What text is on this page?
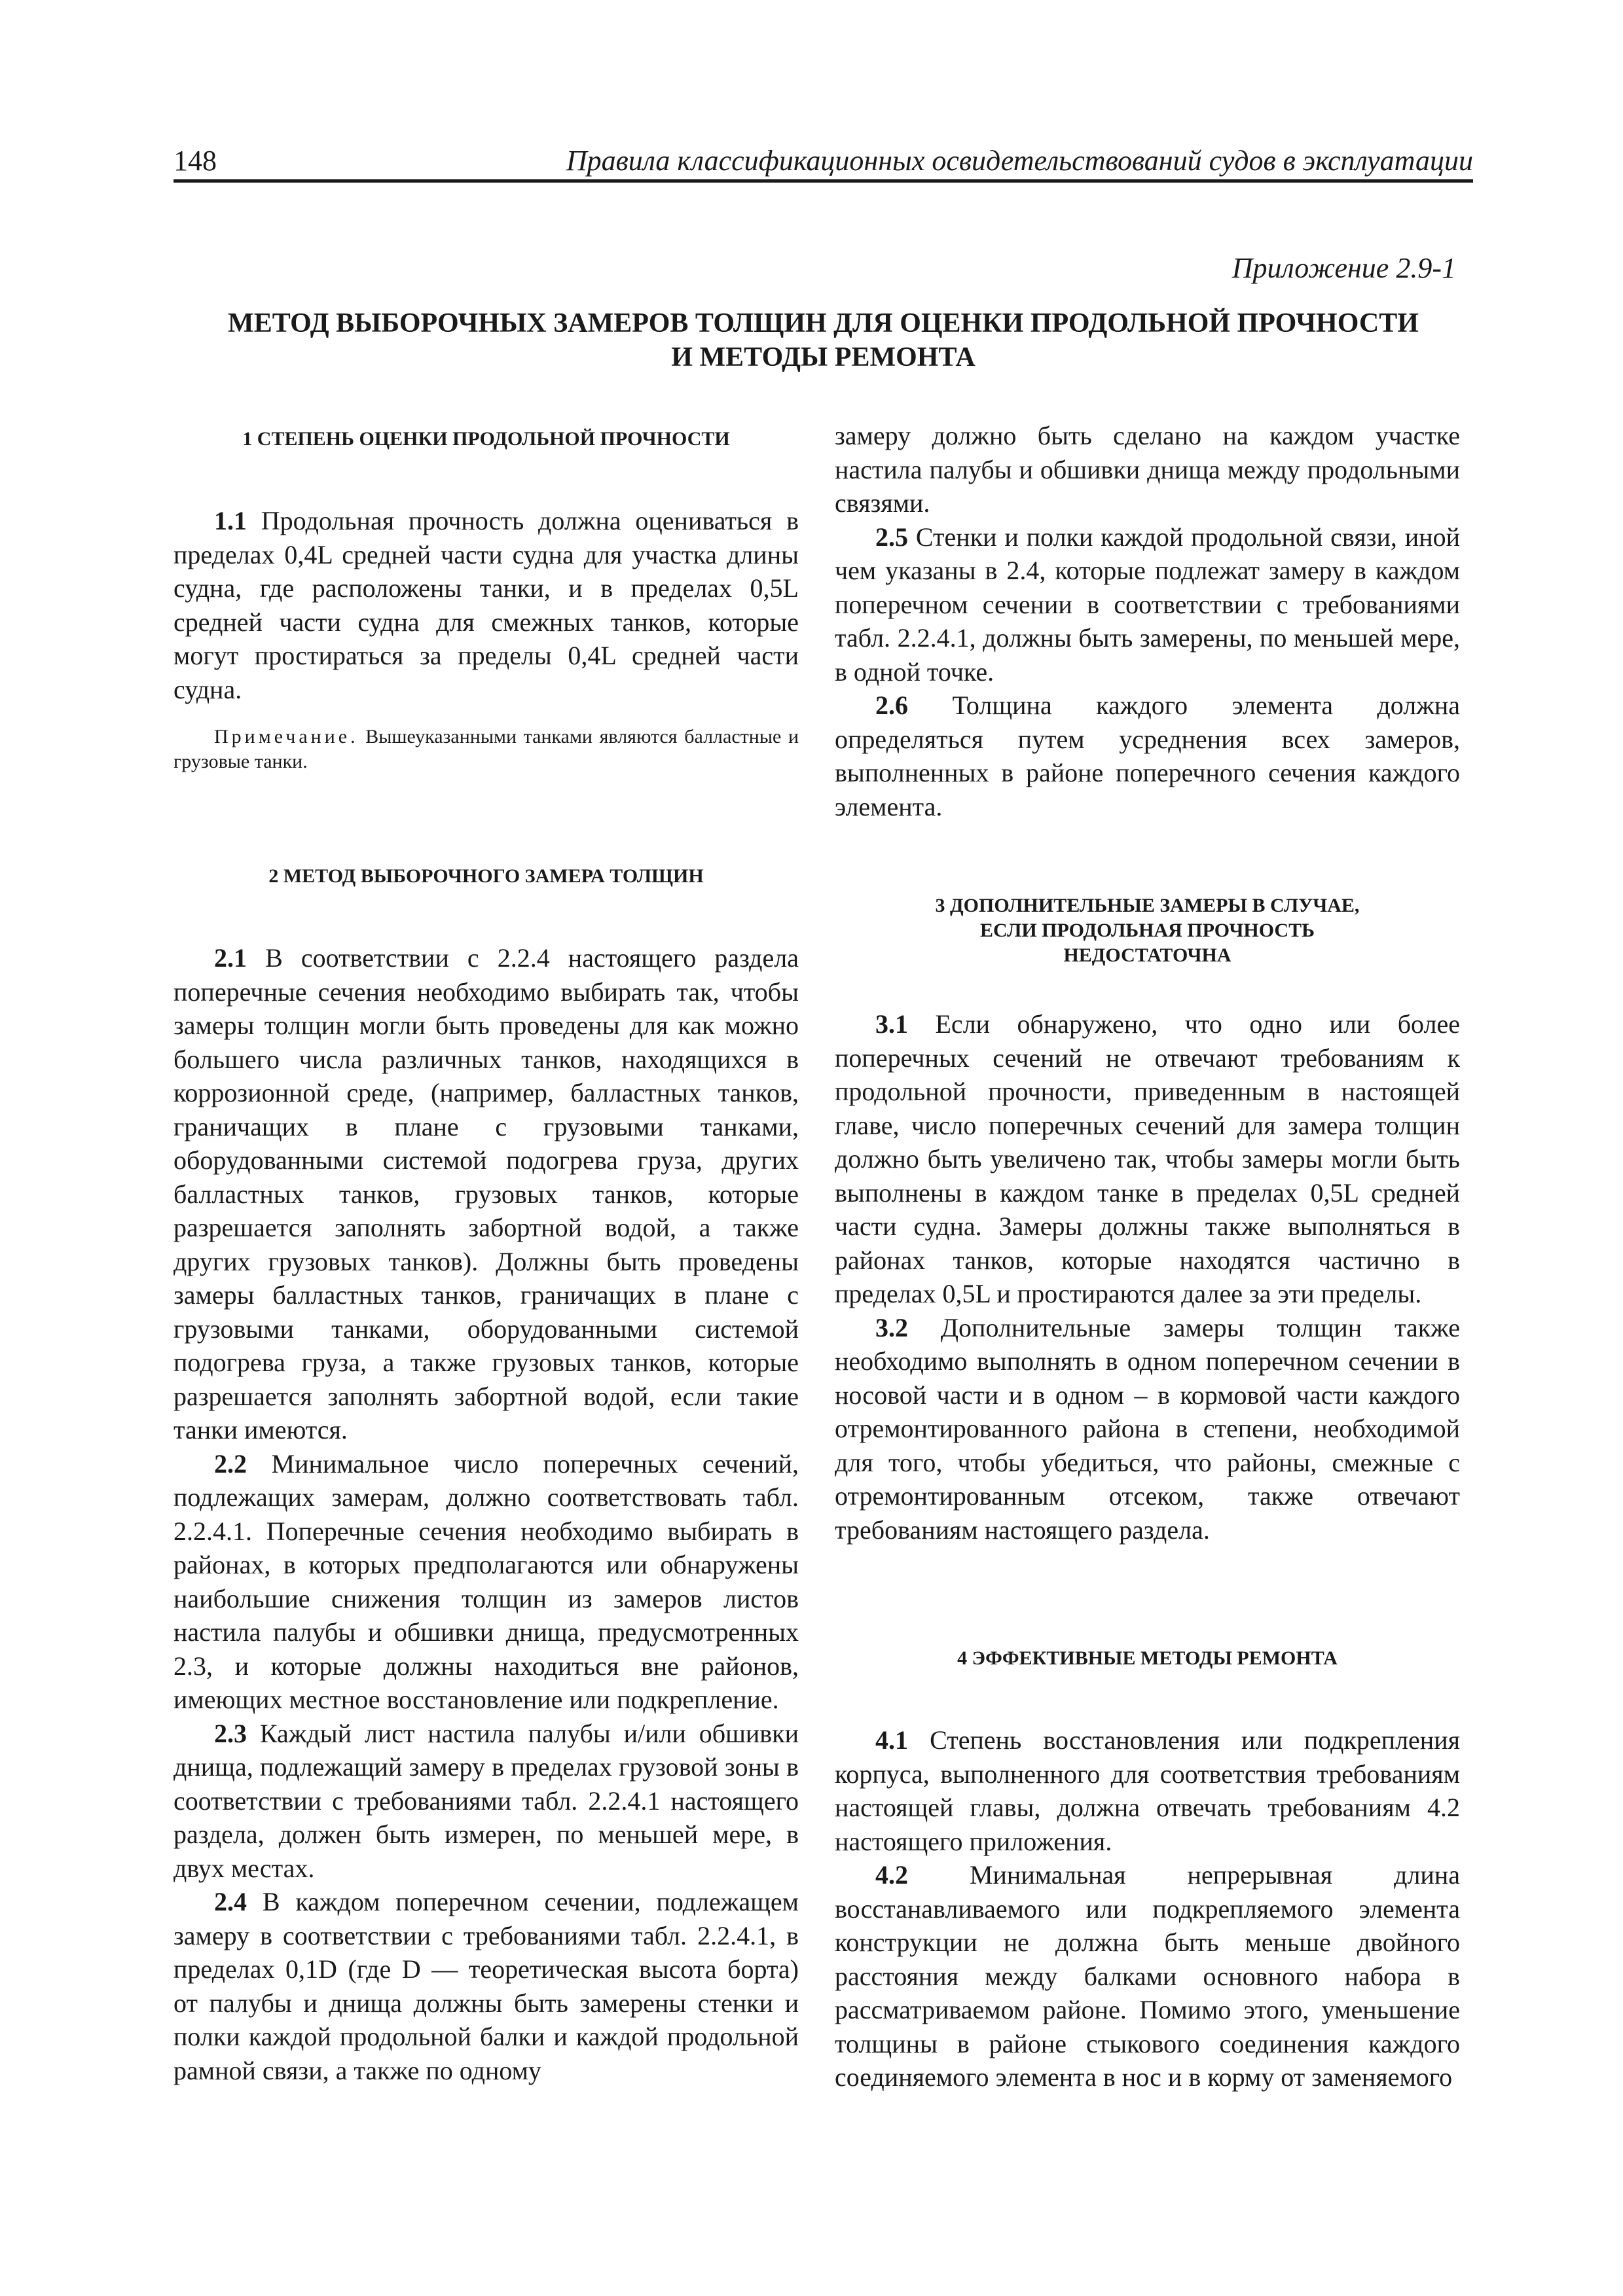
148	Правила классификационных освидетельствований судов в эксплуатации
Приложение 2.9-1
МЕТОД ВЫБОРОЧНЫХ ЗАМЕРОВ ТОЛЩИН ДЛЯ ОЦЕНКИ ПРОДОЛЬНОЙ ПРОЧНОСТИ
И МЕТОДЫ РЕМОНТА
1 СТЕПЕНЬ ОЦЕНКИ ПРОДОЛЬНОЙ ПРОЧНОСТИ

1.1 Продольная прочность должна оцениваться в пределах 0,4L средней части судна для участка длины судна, где расположены танки, и в пределах 0,5L средней части судна для смежных танков, которые могут простираться за пределы 0,4L средней части судна.

Примечание. Вышеуказанными танками являются балластные и грузовые танки.
2 МЕТОД ВЫБОРОЧНОГО ЗАМЕРА ТОЛЩИН

2.1 В соответствии с 2.2.4 настоящего раздела поперечные сечения необходимо выбирать так, чтобы замеры толщин могли быть проведены для как можно большего числа различных танков, находящихся в коррозионной среде, (например, балластных танков, граничащих в плане с грузовыми танками, оборудованными системой подогрева груза, других балластных танков, грузовых танков, которые разрешается заполнять забортной водой, а также других грузовых танков). Должны быть проведены замеры балластных танков, граничащих в плане с грузовыми танками, оборудованными системой подогрева груза, а также грузовых танков, которые разрешается заполнять забортной водой, если такие танки имеются.

2.2 Минимальное число поперечных сечений, подлежащих замерам, должно соответствовать табл. 2.2.4.1. Поперечные сечения необходимо выбирать в районах, в которых предполагаются или обнаружены наибольшие снижения толщин из замеров листов настила палубы и обшивки днища, предусмотренных 2.3, и которые должны находиться вне районов, имеющих местное восстановление или подкрепление.

2.3 Каждый лист настила палубы и/или обшивки днища, подлежащий замеру в пределах грузовой зоны в соответствии с требованиями табл. 2.2.4.1 настоящего раздела, должен быть измерен, по меньшей мере, в двух местах.

2.4 В каждом поперечном сечении, подлежащем замеру в соответствии с требованиями табл. 2.2.4.1, в пределах 0,1D (где D — теоретическая высота борта) от палубы и днища должны быть замерены стенки и полки каждой продольной балки и каждой продольной рамной связи, а также по одному

замеру должно быть сделано на каждом участке настила палубы и обшивки днища между продольными связями.

2.5 Стенки и полки каждой продольной связи, иной чем указаны в 2.4, которые подлежат замеру в каждом поперечном сечении в соответствии с требованиями табл. 2.2.4.1, должны быть замерены, по меньшей мере, в одной точке.

2.6 Толщина каждого элемента должна определяться путем усреднения всех замеров, выполненных в районе поперечного сечения каждого элемента.

3 ДОПОЛНИТЕЛЬНЫЕ ЗАМЕРЫ В СЛУЧАЕ,
ЕСЛИ ПРОДОЛЬНАЯ ПРОЧНОСТЬ
НЕДОСТАТОЧНА

3.1 Если обнаружено, что одно или более поперечных сечений не отвечают требованиям к продольной прочности, приведенным в настоящей главе, число поперечных сечений для замера толщин должно быть увеличено так, чтобы замеры могли быть выполнены в каждом танке в пределах 0,5L средней части судна. Замеры должны также выполняться в районах танков, которые находятся частично в пределах 0,5L и простираются далее за эти пределы.

3.2 Дополнительные замеры толщин также необходимо выполнять в одном поперечном сечении в носовой части и в одном – в кормовой части каждого отремонтированного района в степени, необходимой для того, чтобы убедиться, что районы, смежные с отремонтированным отсеком, также отвечают требованиям настоящего раздела.

4 ЭФФЕКТИВНЫЕ МЕТОДЫ РЕМОНТА

4.1 Степень восстановления или подкрепления корпуса, выполненного для соответствия требованиям настоящей главы, должна отвечать требованиям 4.2 настоящего приложения.

4.2 Минимальная непрерывная длина восстанавливаемого или подкрепляемого элемента конструкции не должна быть меньше двойного расстояния между балками основного набора в рассматриваемом районе. Помимо этого, уменьшение толщины в районе стыкового соединения каждого соединяемого элемента в нос и в корму от заменяемого
